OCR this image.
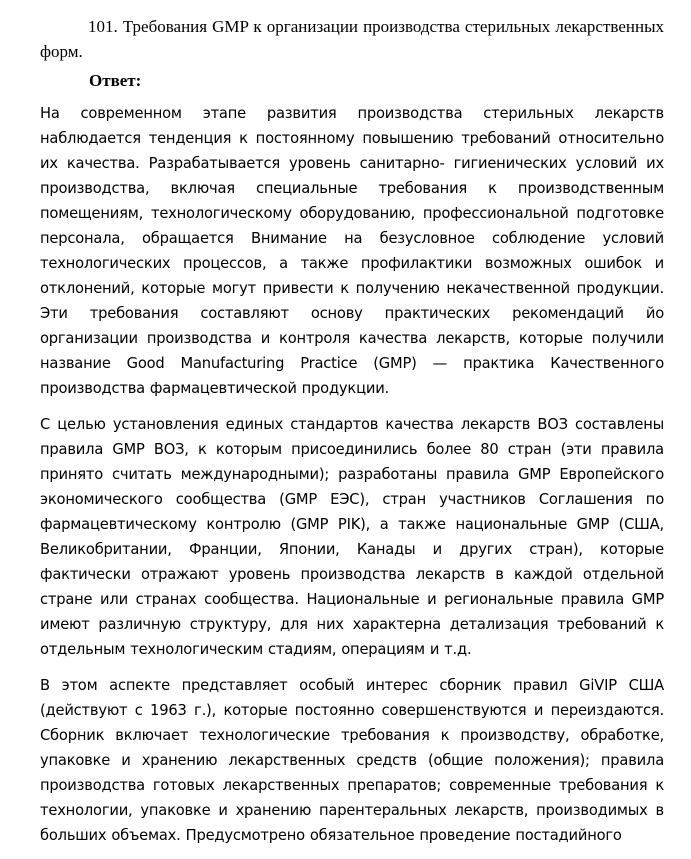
101. Требования GMP к организации производства стерильных лекарственных форм.

Ответ:

На современном этапе развития производства стерильных лекарств наблюдается тенденция к постоянному повышению требований относительно их качества. Разрабатывается уровень санитарно- гигиенических условий их производства, включая специальные требования к производственным помещениям, технологическому оборудованию, профессиональной подготовке персонала, обращается Внимание на безусловное соблюдение условий технологических процессов, а также профилактики возможных ошибок и отклонений, которые могут привести к получению некачественной продукции. Эти требования составляют основу практических рекомендаций йо организации производства и контроля качества лекарств, которые получили название Good Manufacturing Practice (GMP) — практика Качественного производства фармацевтической продукции.

С целью установления единых стандартов качества лекарств ВОЗ составлены правила GMP ВОЗ, к которым присоединились более 80 стран (эти правила принято считать международными); разработаны правила GMP Европейского экономического сообщества (GMP ЕЭС), стран участников Соглашения по фармацевтическому контролю (GMP PIK), а также национальные GMP (США, Великобритании, Франции, Японии, Канады и других стран), которые фактически отражают уровень производства лекарств в каждой отдельной стране или странах сообщества. Национальные и региональные правила GMP имеют различную структуру, для них характерна детализация требований к отдельным технологическим стадиям, операциям и т.д.

В этом аспекте представляет особый интерес сборник правил GiVIP США (действуют с 1963 г.), которые постоянно совершенствуются и переиздаются. Сборник включает технологические требования к производству, обработке, упаковке и хранению лекарственных средств (общие положения); правила производства готовых лекарственных препаратов; современные требования к технологии, упаковке и хранению парентеральных лекарств, производимых в больших объемах. Предусмотрено обязательное проведение постадийного
